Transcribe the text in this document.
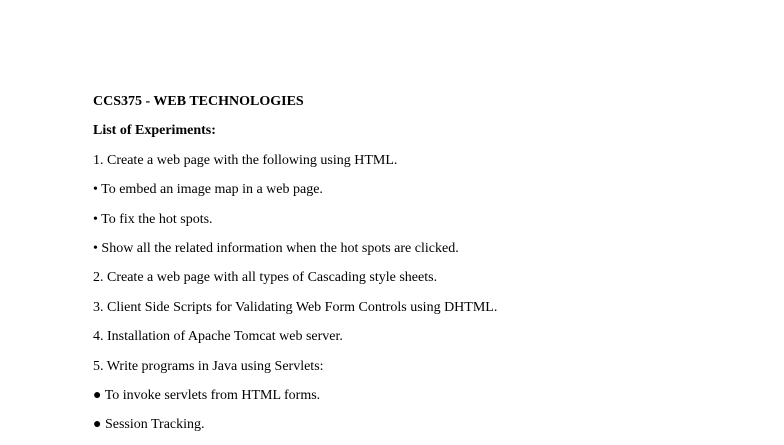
CCS375 - WEB TECHNOLOGIES
List of Experiments:
1. Create a web page with the following using HTML.
• To embed an image map in a web page.
• To fix the hot spots.
• Show all the related information when the hot spots are clicked.
2. Create a web page with all types of Cascading style sheets.
3. Client Side Scripts for Validating Web Form Controls using DHTML.
4. Installation of Apache Tomcat web server.
5. Write programs in Java using Servlets:
● To invoke servlets from HTML forms.
● Session Tracking.
